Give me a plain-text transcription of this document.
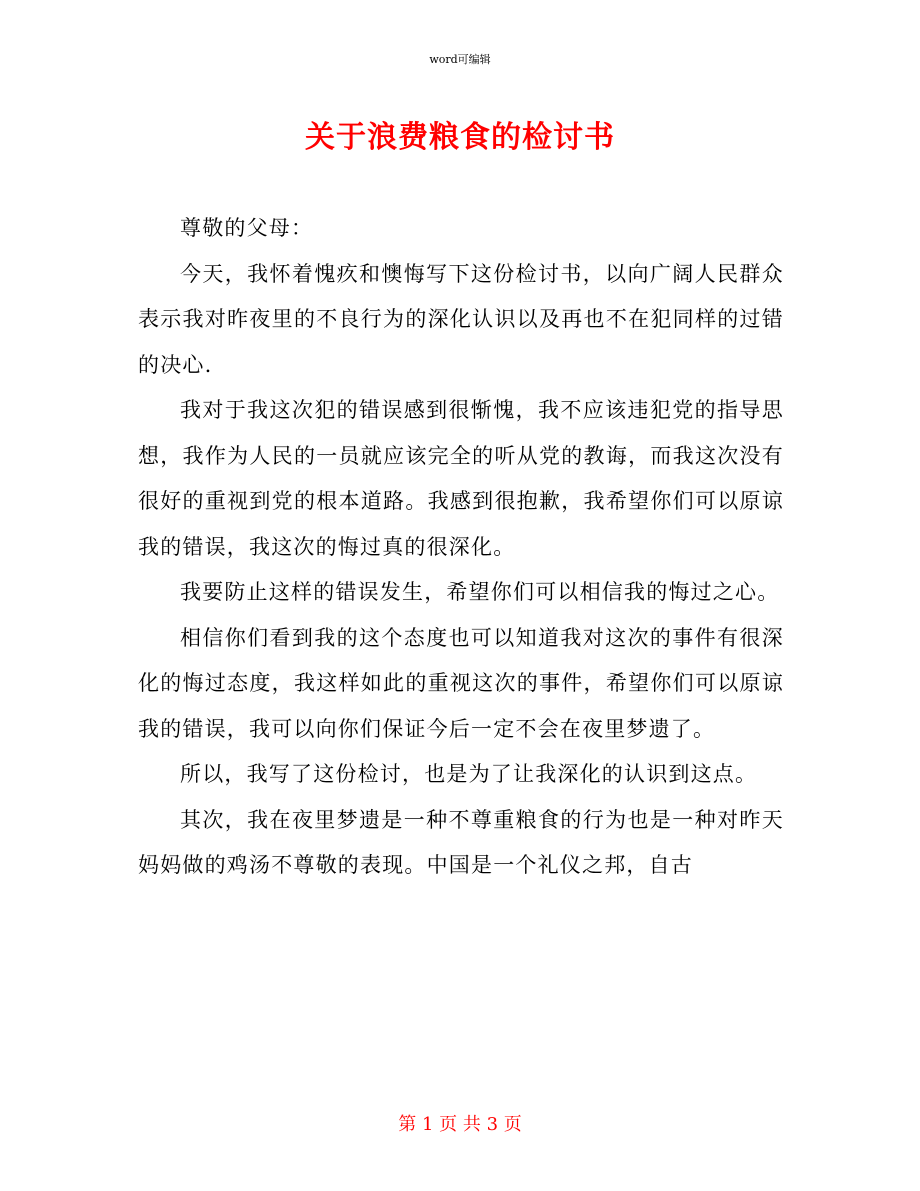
word可编辑
关于浪费粮食的检讨书

尊敬的父母：

今天，我怀着愧疚和懊悔写下这份检讨书，以向广阔人民群众表示我对昨夜里的不良行为的深化认识以及再也不在犯同样的过错的决心.

我对于我这次犯的错误感到很惭愧，我不应该违犯党的指导思想，我作为人民的一员就应该完全的听从党的教诲，而我这次没有很好的重视到党的根本道路。我感到很抱歉，我希望你们可以原谅我的错误，我这次的悔过真的很深化。

我要防止这样的错误发生，希望你们可以相信我的悔过之心。

相信你们看到我的这个态度也可以知道我对这次的事件有很深化的悔过态度，我这样如此的重视这次的事件，希望你们可以原谅我的错误，我可以向你们保证今后一定不会在夜里梦遗了。

所以，我写了这份检讨，也是为了让我深化的认识到这点。

其次，我在夜里梦遗是一种不尊重粮食的行为也是一种对昨天妈妈做的鸡汤不尊敬的表现。中国是一个礼仪之邦，自古

第 1 页 共 3 页
